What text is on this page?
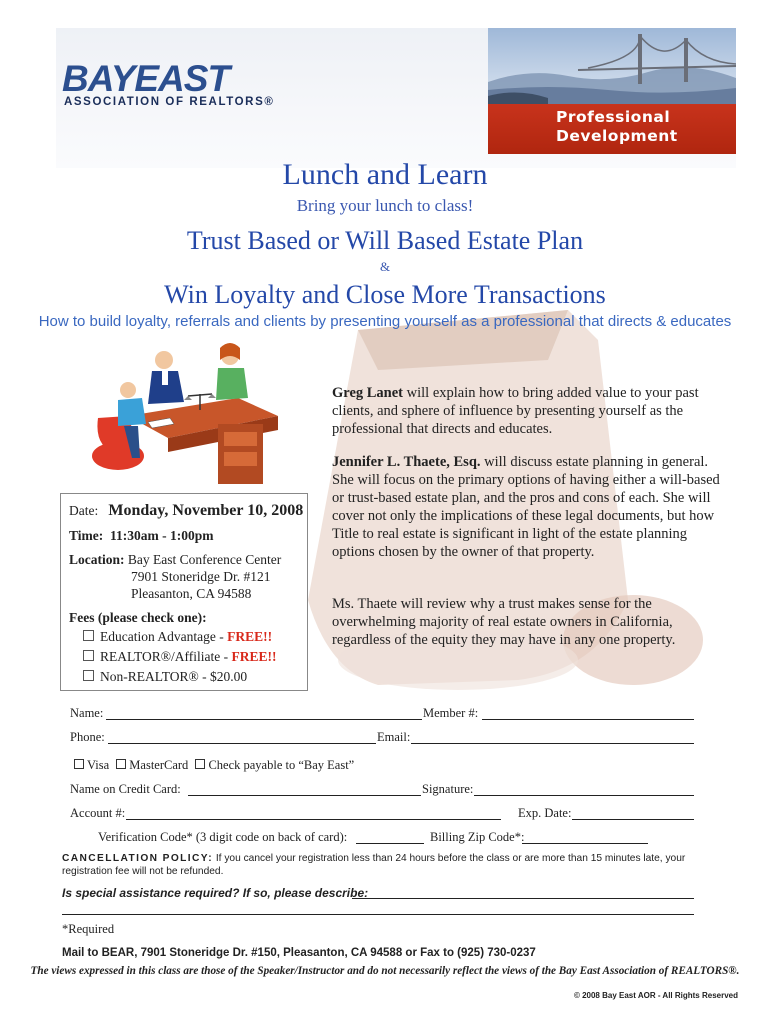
Professional
Development
BAYEAST
ASSOCIATION OF REALTORS®
Lunch and Learn
Bring your lunch to class!
Trust Based or Will Based Estate Plan
&
Win Loyalty and Close More Transactions
How to build loyalty, referrals and clients by presenting yourself as a professional that directs & educates
Greg Lanet will explain how to bring added value to your past clients, and sphere of influence by presenting yourself as the professional that directs and educates.
Jennifer L. Thaete, Esq. will discuss estate planning in general. She will focus on the primary options of having either a will-based or trust-based estate plan, and the pros and cons of each. She will cover not only the implications of these legal documents, but how Title to real estate is significant in light of the estate planning options chosen by the owner of that property.
Ms. Thaete will review why a trust makes sense for the overwhelming majority of real estate owners in California, regardless of the equity they may have in any one property.
Date: Monday, November 10, 2008
Time: 11:30am - 1:00pm
Location: Bay East Conference Center
7901 Stoneridge Dr. #121
Pleasanton, CA 94588
Fees (please check one):
Education Advantage - FREE!!
REALTOR®/Affiliate - FREE!!
Non-REALTOR® - $20.00
Name:	Member #:
Phone:	Email:
Visa MasterCard Check payable to “Bay East”
Name on Credit Card:	Signature:
Account #:	Exp. Date:
Verification Code* (3 digit code on back of card):	Billing Zip Code*:
CANCELLATION POLICY: If you cancel your registration less than 24 hours before the class or are more than 15 minutes late, your registration fee will not be refunded.
Is special assistance required? If so, please describe:
*Required
Mail to BEAR, 7901 Stoneridge Dr. #150, Pleasanton, CA 94588 or Fax to (925) 730-0237
The views expressed in this class are those of the Speaker/Instructor and do not necessarily reflect the views of the Bay East Association of REALTORS®.
© 2008 Bay East AOR - All Rights Reserved
